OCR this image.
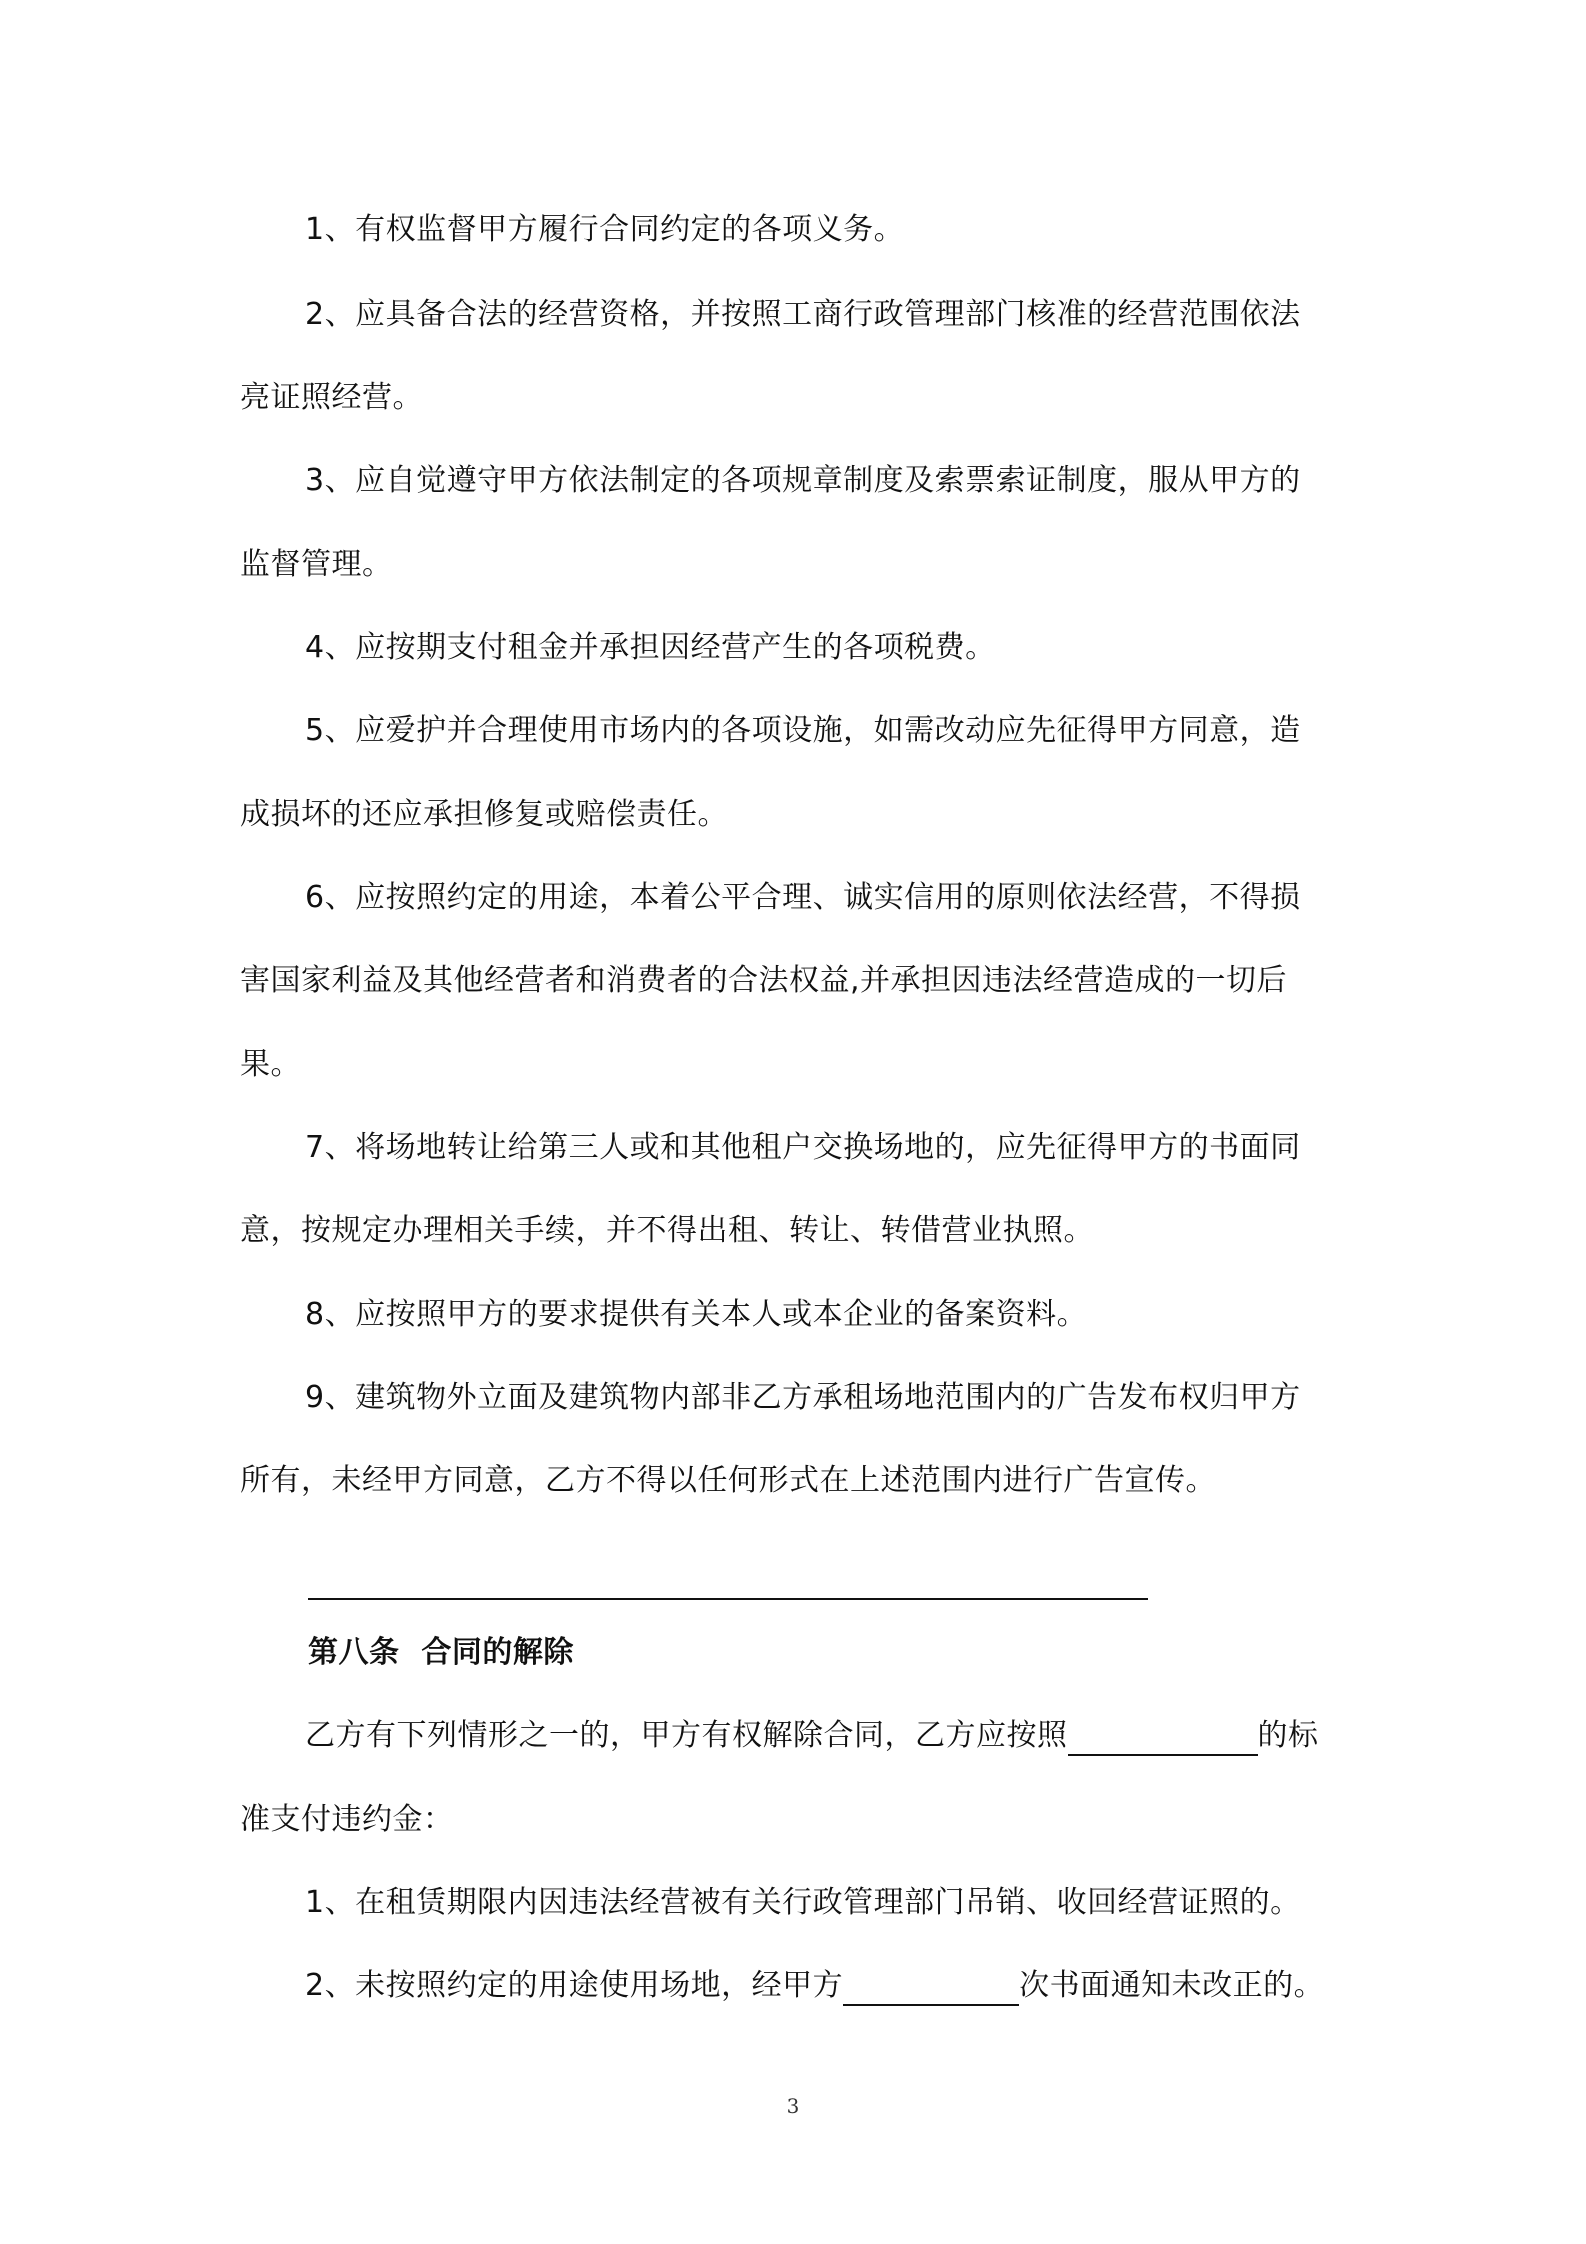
1、有权监督甲方履行合同约定的各项义务。
2、应具备合法的经营资格，并按照工商行政管理部门核准的经营范围依法
亮证照经营。
3、应自觉遵守甲方依法制定的各项规章制度及索票索证制度，服从甲方的
监督管理。
4、应按期支付租金并承担因经营产生的各项税费。
5、应爱护并合理使用市场内的各项设施，如需改动应先征得甲方同意，造
成损坏的还应承担修复或赔偿责任。
6、应按照约定的用途，本着公平合理、诚实信用的原则依法经营，不得损
害国家利益及其他经营者和消费者的合法权益,并承担因违法经营造成的一切后
果。
7、将场地转让给第三人或和其他租户交换场地的，应先征得甲方的书面同
意，按规定办理相关手续，并不得出租、转让、转借营业执照。
8、应按照甲方的要求提供有关本人或本企业的备案资料。
9、建筑物外立面及建筑物内部非乙方承租场地范围内的广告发布权归甲方
所有，未经甲方同意，乙方不得以任何形式在上述范围内进行广告宣传。
第八条  合同的解除
乙方有下列情形之一的，甲方有权解除合同，乙方应按照	的标
准支付违约金：
1、在租赁期限内因违法经营被有关行政管理部门吊销、收回经营证照的。
2、未按照约定的用途使用场地，经甲方	次书面通知未改正的。
3
